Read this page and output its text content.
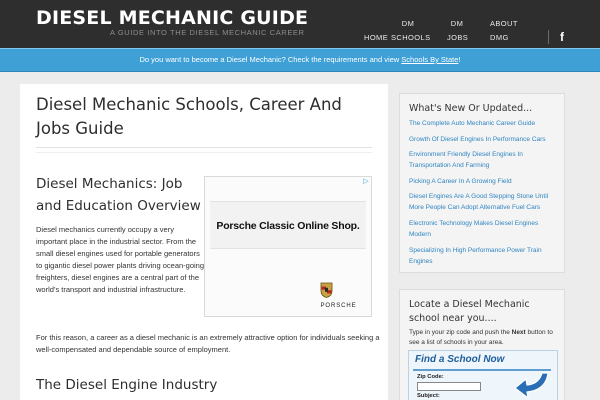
DIESEL MECHANIC GUIDE
A GUIDE INTO THE DIESEL MECHANIC CAREER

HOME
DM
SCHOOLS
DM
JOBS
ABOUT
DMG	f
Do you want to become a Diesel Mechanic? Check the requirements and view Schools By State!
Diesel Mechanic Schools, Career And Jobs Guide
Diesel Mechanics: Job and Education Overview

Diesel mechanics currently occupy a very important place in the industrial sector. From the small diesel engines used for portable generators to gigantic diesel power plants driving ocean-going freighters, diesel engines are a central part of the world’s transport and industrial infrastructure.

▷
Porsche Classic Online Shop.
PORSCHE

For this reason, a career as a diesel mechanic is an extremely attractive option for individuals seeking a well-compensated and dependable source of employment.

The Diesel Engine Industry
What's New Or Updated...
The Complete Auto Mechanic Career Guide
Growth Of Diesel Engines In Performance Cars
Environment Friendly Diesel Engines In Transportation And Farming
Picking A Career In A Growing Field
Diesel Engines Are A Good Stepping Stone Until More People Can Adopt Alternative Fuel Cars
Electronic Technology Makes Diesel Engines Modern
Specializing In High Performance Power Train Engines
Locate a Diesel Mechanic school near you....

Type in your zip code and push the Next button to see a list of schools in your area.

Find a School Now
Zip Code:
Subject:
